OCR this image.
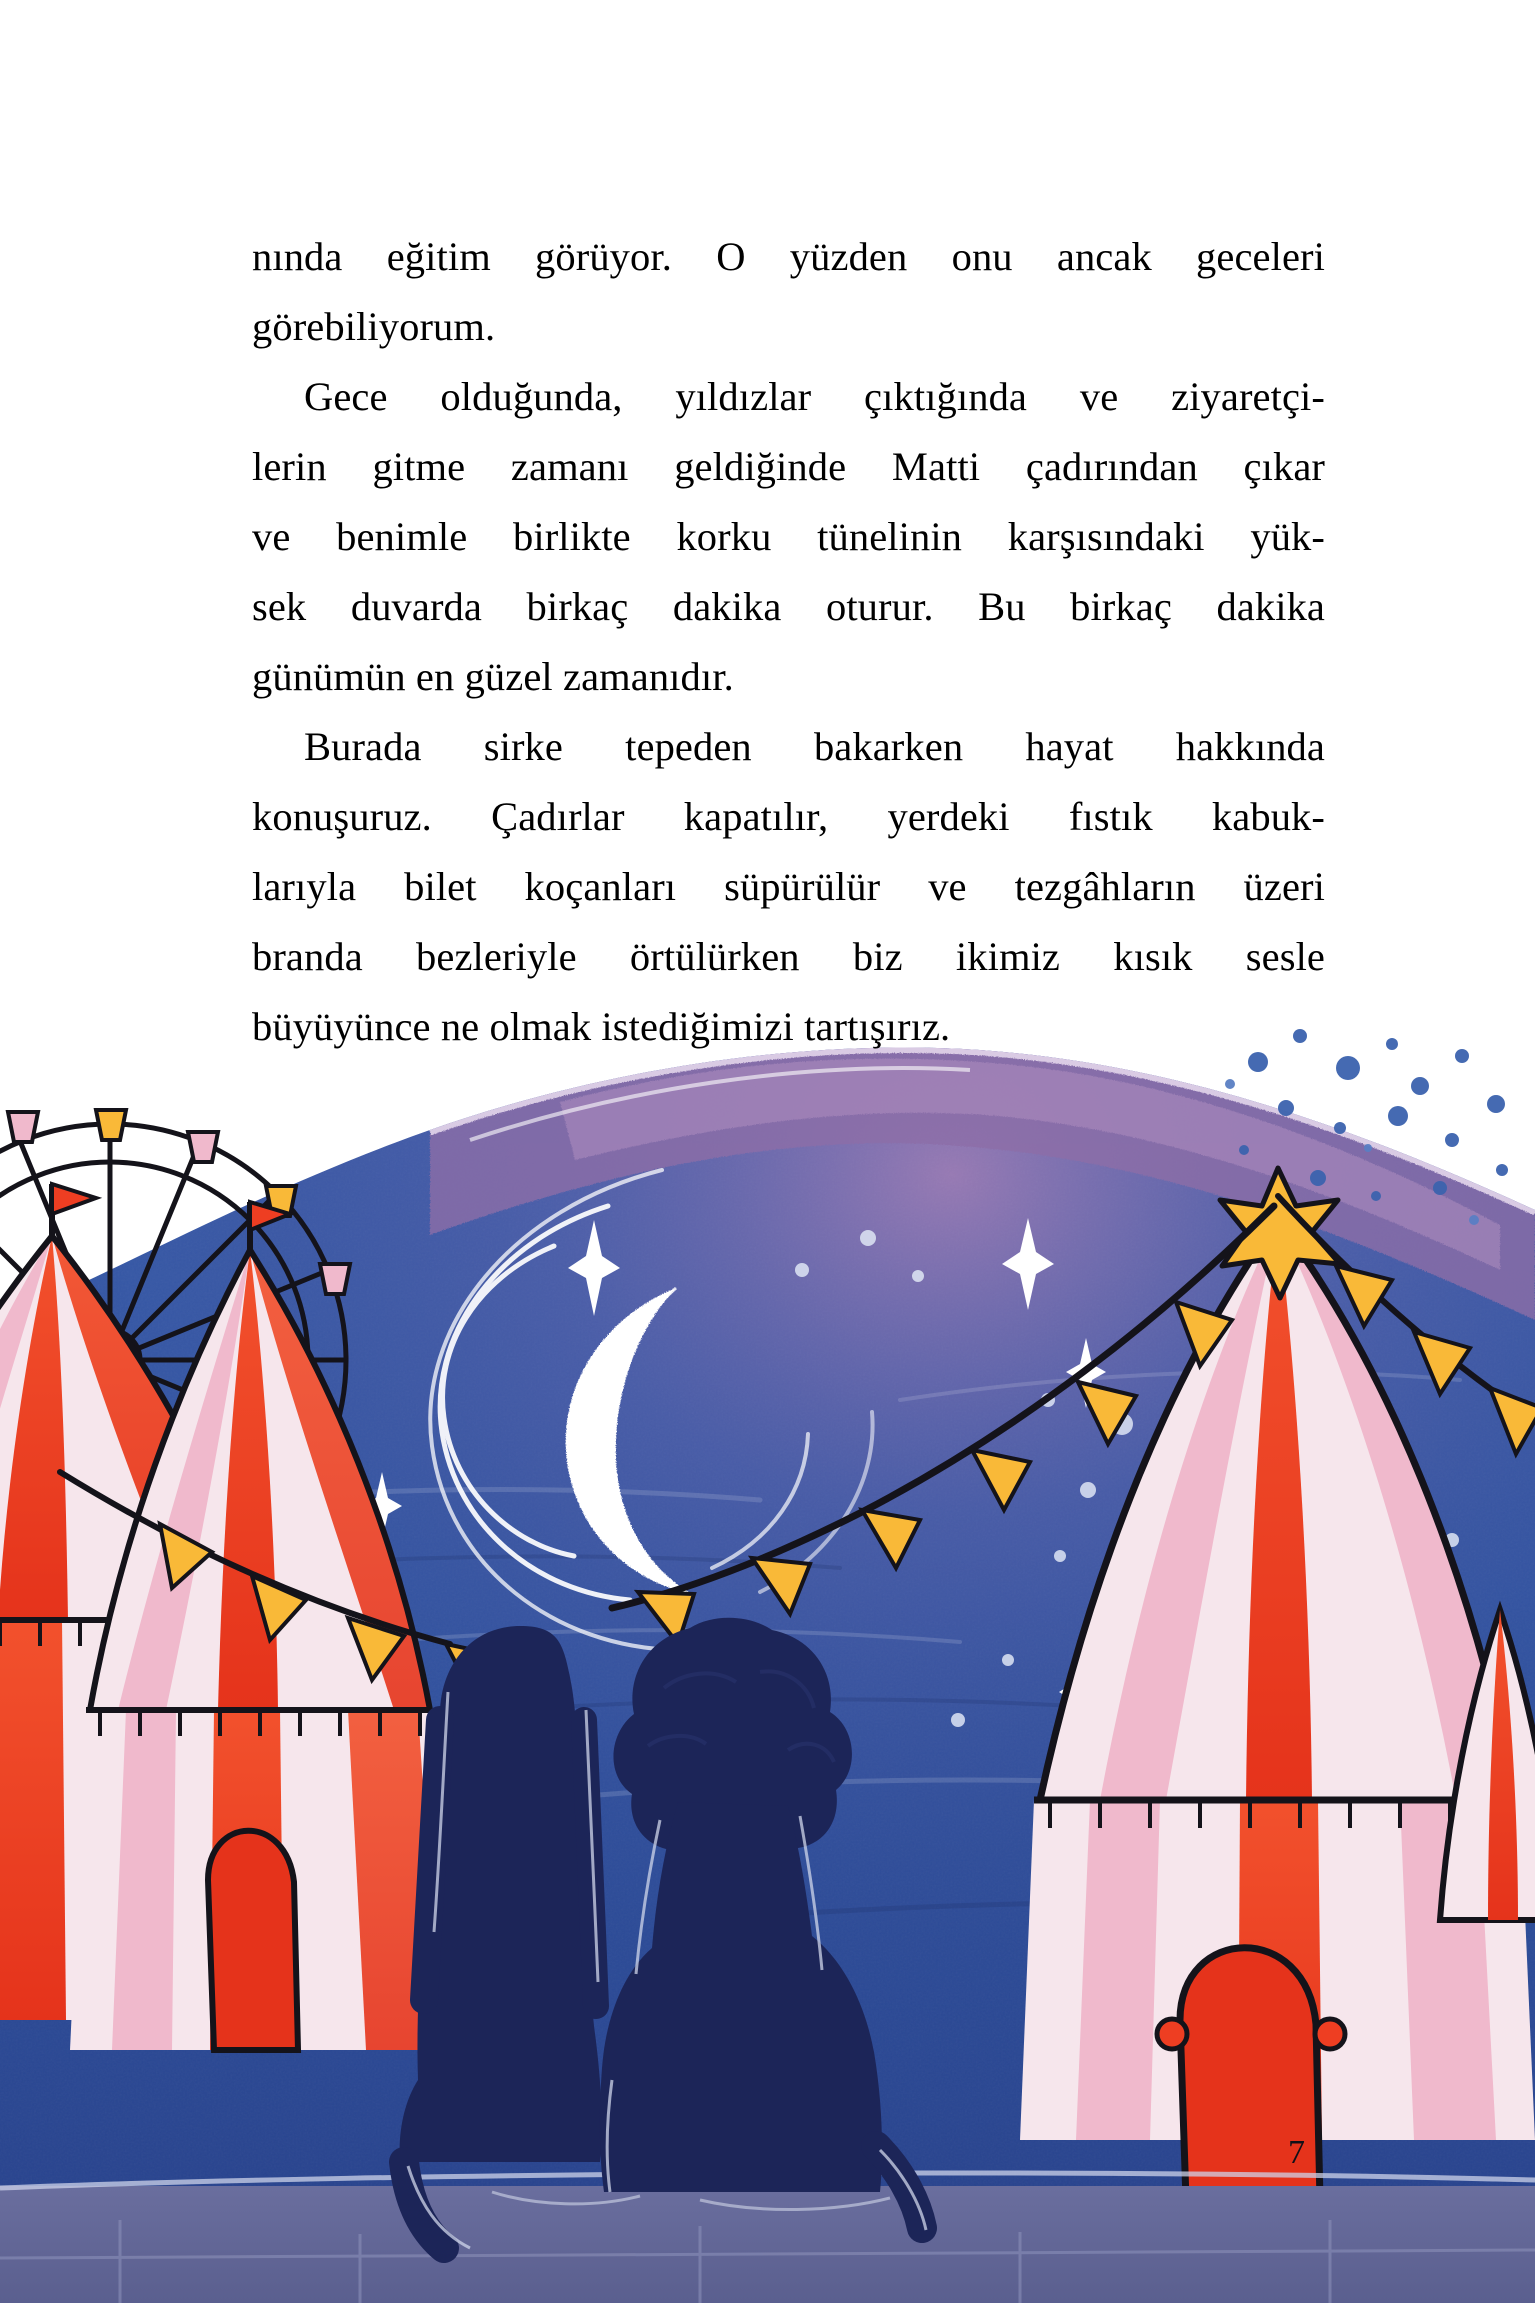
nında eğitim görüyor. O yüzden onu ancak geceleri
görebiliyorum.

Gece olduğunda, yıldızlar çıktığında ve ziyaretçi-
lerin gitme zamanı geldiğinde Matti çadırından çıkar
ve benimle birlikte korku tünelinin karşısındaki yük-
sek duvarda birkaç dakika oturur. Bu birkaç dakika
günümün en güzel zamanıdır.

Burada sirke tepeden bakarken hayat hakkında
konuşuruz. Çadırlar kapatılır, yerdeki fıstık kabuk-
larıyla bilet koçanları süpürülür ve tezgâhların üzeri
branda bezleriyle örtülürken biz ikimiz kısık sesle
büyüyünce ne olmak istediğimizi tartışırız.

7
